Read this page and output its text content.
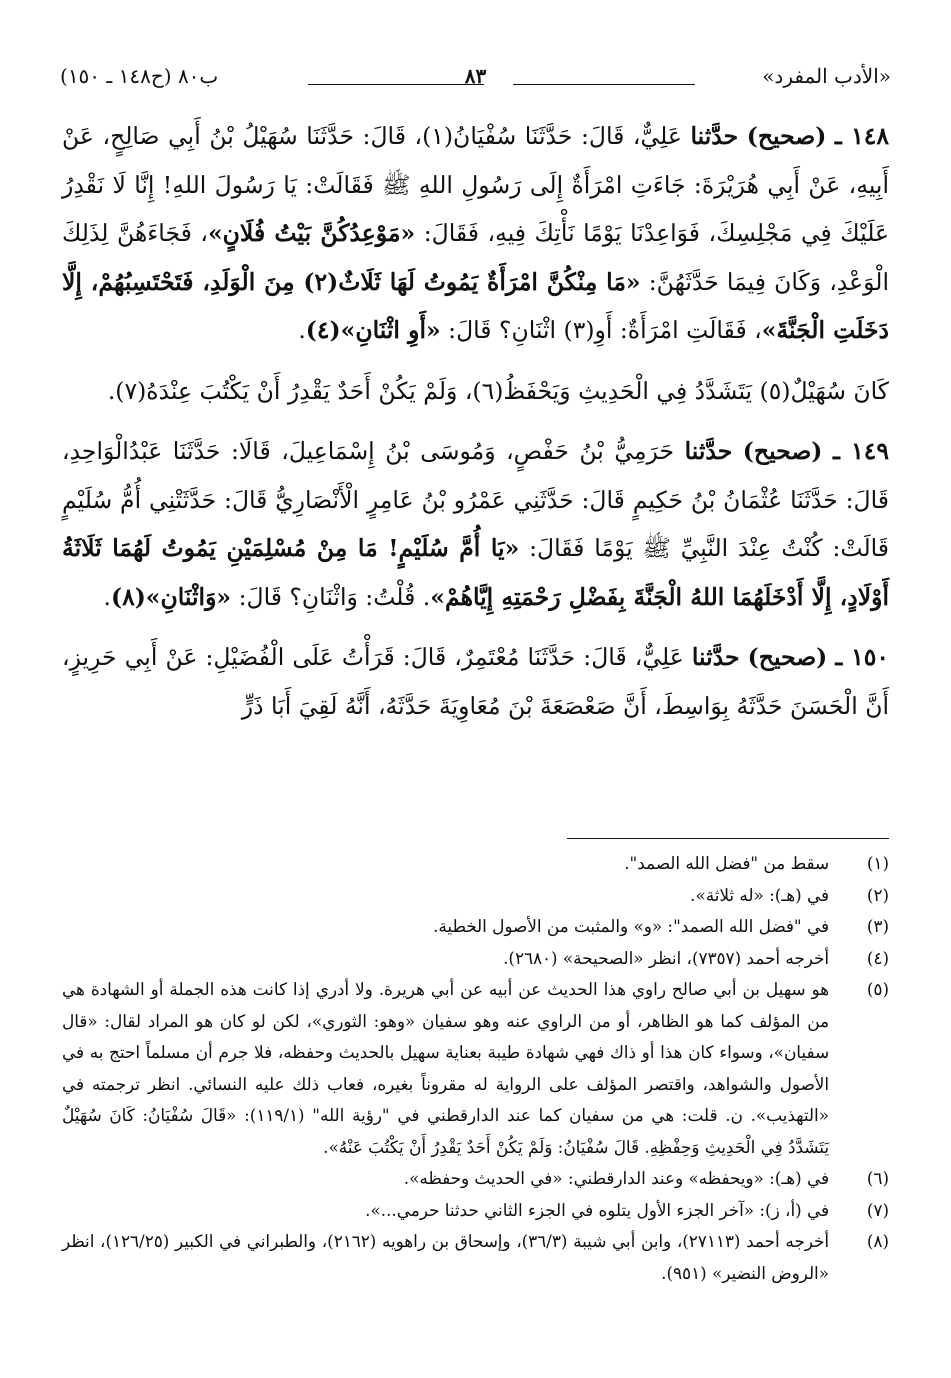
«الأدب المفرد»
٨٣
ب٨٠ (ح١٤٨ ـ ١٥٠)

١٤٨ ـ (صحيح) حدَّثنا عَلِيٌّ، قَالَ: حَدَّثَنَا سُفْيَانُ(١)، قَالَ: حَدَّثَنَا سُهَيْلُ بْنُ أَبِي صَالِحٍ، عَنْ أَبِيهِ، عَنْ أَبِي هُرَيْرَةَ: جَاءَتِ امْرَأَةٌ إِلَى رَسُولِ اللهِ ﷺ فَقَالَتْ: يَا رَسُولَ اللهِ! إِنَّا لَا نَقْدِرُ عَلَيْكَ فِي مَجْلِسِكَ، فَوَاعِدْنَا يَوْمًا نَأْتِكَ فِيهِ، فَقَالَ: «مَوْعِدُكُنَّ بَيْتُ فُلَانٍ»، فَجَاءَهُنَّ لِذَلِكَ الْوَعْدِ، وَكَانَ فِيمَا حَدَّثَهُنَّ: «مَا مِنْكُنَّ امْرَأَةٌ يَمُوتُ لَهَا ثَلَاثٌ(٢) مِنَ الْوَلَدِ، فَتَحْتَسِبُهُمْ، إِلَّا دَخَلَتِ الْجَنَّةَ»، فَقَالَتِ امْرَأَةٌ: أَوِ(٣) اثْنَانِ؟ قَالَ: «أَوِ اثْنَانِ»(٤).

كَانَ سُهَيْلٌ(٥) يَتَشَدَّدُ فِي الْحَدِيثِ وَيَحْفَظُ(٦)، وَلَمْ يَكُنْ أَحَدٌ يَقْدِرُ أَنْ يَكْتُبَ عِنْدَهُ(٧).

١٤٩ ـ (صحيح) حدَّثنا حَرَمِيُّ بْنُ حَفْصٍ، وَمُوسَى بْنُ إِسْمَاعِيلَ، قَالَا: حَدَّثَنَا عَبْدُالْوَاحِدِ، قَالَ: حَدَّثَنَا عُثْمَانُ بْنُ حَكِيمٍ قَالَ: حَدَّثَنِي عَمْرُو بْنُ عَامِرٍ الْأَنْصَارِيُّ قَالَ: حَدَّثَتْنِي أُمُّ سُلَيْمٍ قَالَتْ: كُنْتُ عِنْدَ النَّبِيِّ ﷺ يَوْمًا فَقَالَ: «يَا أُمَّ سُلَيْمٍ! مَا مِنْ مُسْلِمَيْنِ يَمُوتُ لَهُمَا ثَلَاثَةُ أَوْلَادٍ، إِلَّا أَدْخَلَهُمَا اللهُ الْجَنَّةَ بِفَضْلِ رَحْمَتِهِ إِيَّاهُمْ». قُلْتُ: وَاثْنَانِ؟ قَالَ: «وَاثْنَانِ»(٨).

١٥٠ ـ (صحيح) حدَّثنا عَلِيٌّ، قَالَ: حَدَّثَنَا مُعْتَمِرٌ، قَالَ: قَرَأْتُ عَلَى الْفُضَيْلِ: عَنْ أَبِي حَرِيزٍ، أَنَّ الْحَسَنَ حَدَّثَهُ بِوَاسِطَ، أَنَّ صَعْصَعَةَ بْنَ مُعَاوِيَةَ حَدَّثَهُ، أَنَّهُ لَقِيَ أَبَا ذَرٍّ

(١)
سقط من "فضل الله الصمد".
(٢)
في (هـ): «له ثلاثة».
(٣)
في "فضل الله الصمد": «و» والمثبت من الأصول الخطية.
(٤)
أخرجه أحمد (٧٣٥٧)، انظر «الصحيحة» (٢٦٨٠).
(٥)
هو سهيل بن أبي صالح راوي هذا الحديث عن أبيه عن أبي هريرة. ولا أدري إذا كانت هذه الجملة أو الشهادة هي من المؤلف كما هو الظاهر، أو من الراوي عنه وهو سفيان «وهو: الثوري»، لكن لو كان هو المراد لقال: «قال سفيان»، وسواء كان هذا أو ذاك فهي شهادة طيبة بعناية سهيل بالحديث وحفظه، فلا جرم أن مسلماً احتج به في الأصول والشواهد، واقتصر المؤلف على الرواية له مقروناً بغيره، فعاب ذلك عليه النسائي. انظر ترجمته في «التهذيب». ن. قلت: هي من سفيان كما عند الدارقطني في "رؤية الله" (١١٩/١): «قَالَ سُفْيَانُ: كَانَ سُهَيْلٌ يَتَشَدَّدُ فِي الْحَدِيثِ وَحِفْظِهِ. قَالَ سُفْيَانُ: وَلَمْ يَكُنْ أَحَدٌ يَقْدِرُ أَنْ يَكْتُبَ عَنْهُ».
(٦)
في (هـ): «ويحفظه» وعند الدارقطني: «في الحديث وحفظه».
(٧)
في (أ، ز): «آخر الجزء الأول يتلوه في الجزء الثاني حدثنا حرمي...».
(٨)
أخرجه أحمد (٢٧١١٣)، وابن أبي شيبة (٣٦/٣)، وإسحاق بن راهويه (٢١٦٢)، والطبراني في الكبير (١٢٦/٢٥)، انظر «الروض النضير» (٩٥١).
